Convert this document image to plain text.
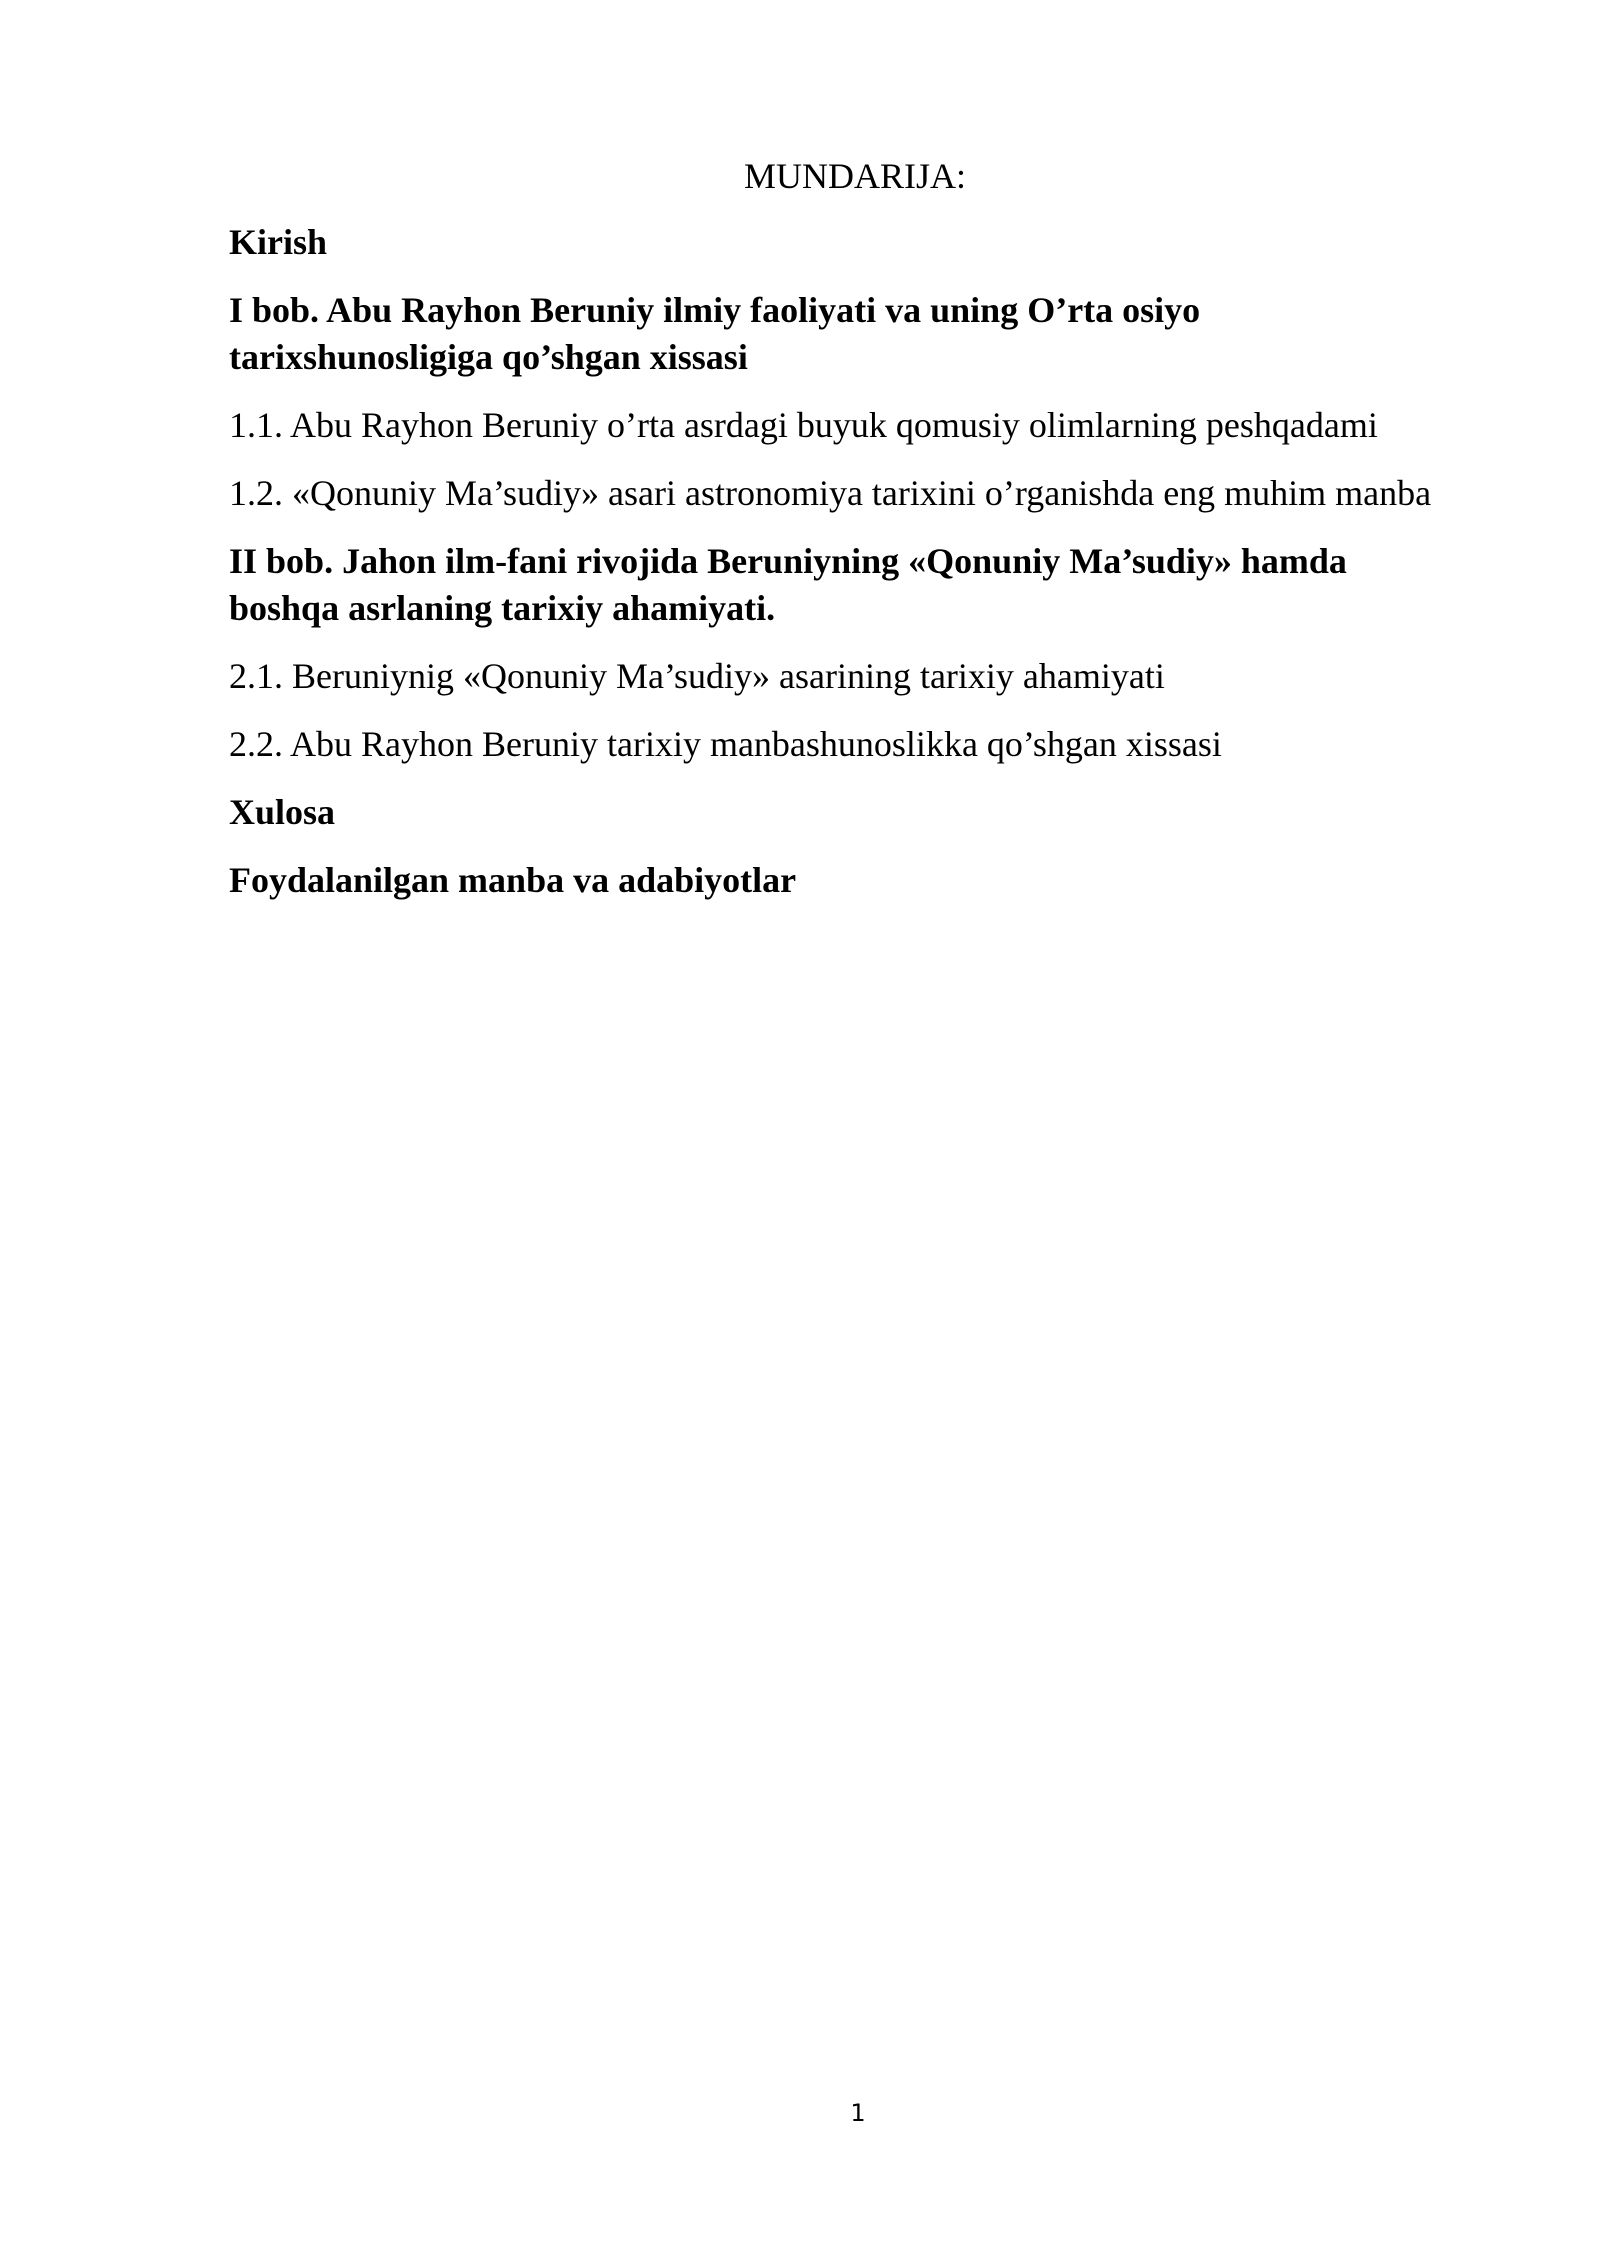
MUNDARIJA:
Kirish
I bob. Abu Rayhon Beruniy ilmiy faoliyati va uning O’rta osiyo tarixshunosligiga qo’shgan xissasi
1.1. Abu Rayhon Beruniy o’rta asrdagi buyuk qomusiy olimlarning peshqadami
1.2. «Qonuniy Ma’sudiy» asari astronomiya tarixini o’rganishda eng muhim manba
II bob. Jahon ilm-fani rivojida Beruniyning «Qonuniy Ma’sudiy» hamda boshqa asrlaning tarixiy ahamiyati.
2.1. Beruniynig «Qonuniy Ma’sudiy» asarining tarixiy ahamiyati
2.2. Abu Rayhon Beruniy tarixiy manbashunoslikka qo’shgan xissasi
Xulosa
Foydalanilgan manba va adabiyotlar
1
